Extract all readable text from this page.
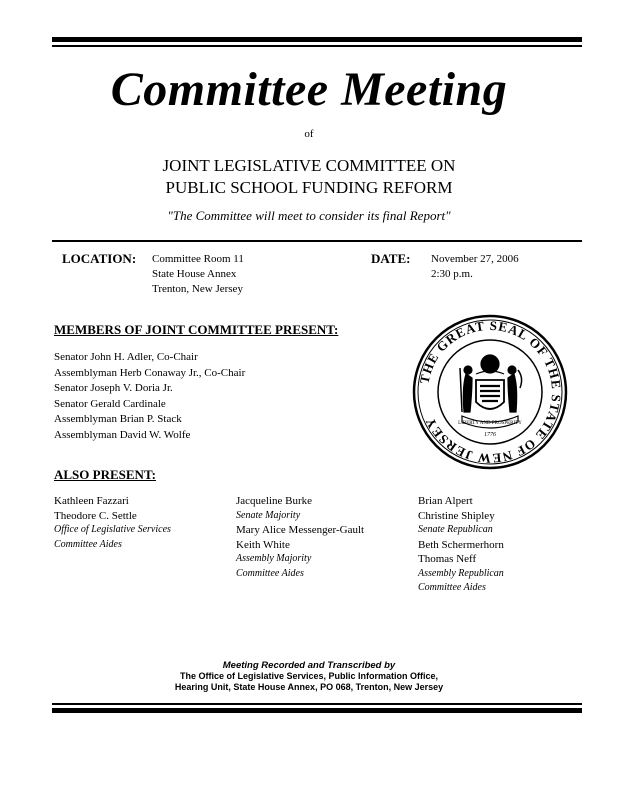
Committee Meeting
of
JOINT LEGISLATIVE COMMITTEE ON
PUBLIC SCHOOL FUNDING REFORM
"The Committee will meet to consider its final Report"
LOCATION: Committee Room 11
State House Annex
Trenton, New Jersey
DATE: November 27, 2006
2:30 p.m.
MEMBERS OF JOINT COMMITTEE PRESENT:
Senator John H. Adler, Co-Chair
Assemblyman Herb Conaway Jr., Co-Chair
Senator Joseph V. Doria Jr.
Senator Gerald Cardinale
Assemblyman Brian P. Stack
Assemblyman David W. Wolfe
THE GREAT SEAL OF THE STATE OF NEW JERSEY	LIBERTY AND PROSPERITY
1776
ALSO PRESENT:
Kathleen Fazzari
Theodore C. Settle
Office of Legislative Services
Committee Aides
Jacqueline Burke
Senate Majority
Mary Alice Messenger-Gault
Keith White
Assembly Majority
Committee Aides
Brian Alpert
Christine Shipley
Senate Republican
Beth Schermerhorn
Thomas Neff
Assembly Republican
Committee Aides
Meeting Recorded and Transcribed by
The Office of Legislative Services, Public Information Office,
Hearing Unit, State House Annex, PO 068, Trenton, New Jersey
